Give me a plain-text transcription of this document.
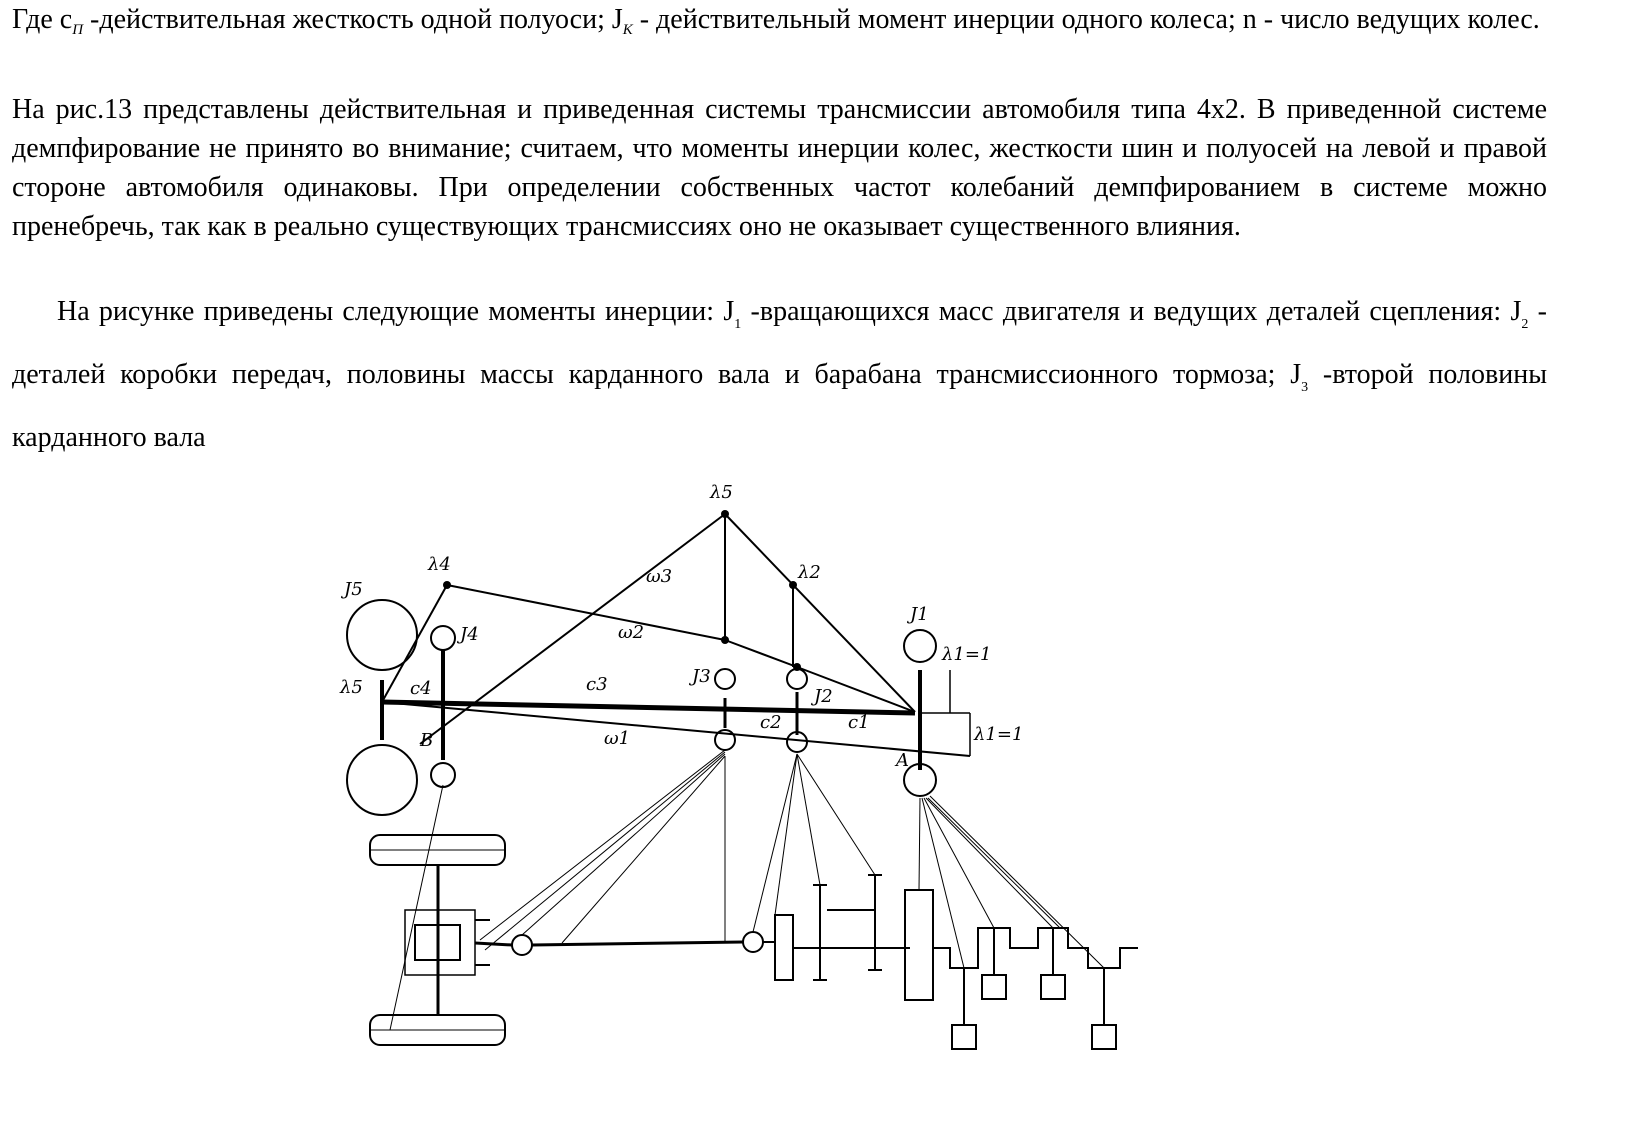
Где $c_П$ -действительная жесткость одной полуоси; $J_К$ - действительный момент инерции одного колеса; n - число ведущих колес.

На рис.13 представлены действительная и приведенная системы трансмиссии автомобиля типа 4х2. В приведенной системе демпфирование не принято во внимание; считаем, что моменты инерции колес, жесткости шин и полуосей на левой и правой стороне автомобиля одинаковы. При определении собственных частот колебаний демпфированием в системе можно пренебречь, так как в реально существующих трансмиссиях оно не оказывает существенного влияния.

На рисунке приведены следующие моменты инерции: $J_1$ -вращающихся масс двигателя и ведущих деталей сцепления: $J_2$ - деталей коробки передач, половины массы карданного вала и барабана трансмиссионного тормоза; $J_3$ -второй половины карданного вала

λ5
λ4	λ2
J5
J4
J3
J2
J1
λ5	c4	c3
c2	c1
ω3
ω2
ω1
B
A
λ1=1
λ1=1
